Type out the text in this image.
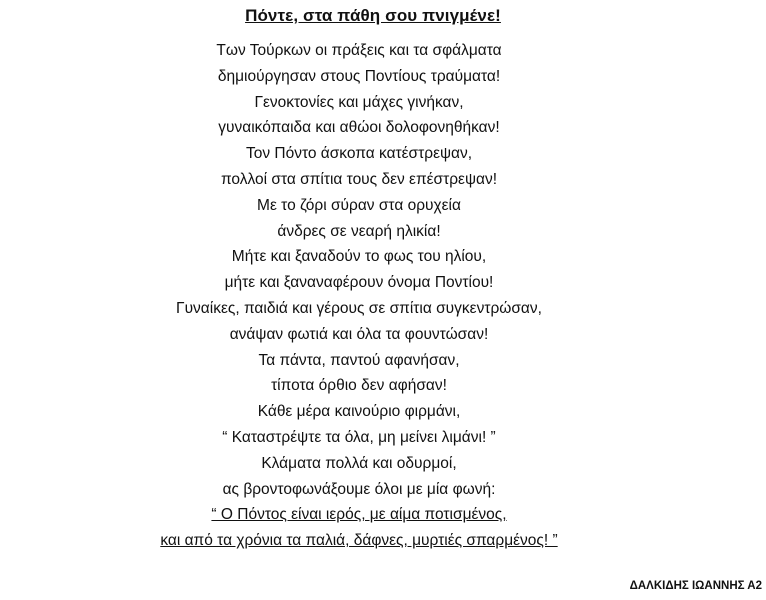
Πόντε, στα πάθη σου πνιγμένε!
Των Τούρκων οι πράξεις και τα σφάλματα
δημιούργησαν στους Ποντίους τραύματα!
Γενοκτονίες και μάχες γινήκαν,
γυναικόπαιδα και αθώοι δολοφονηθήκαν!
Τον Πόντο άσκοπα κατέστρεψαν,
πολλοί στα σπίτια τους δεν επέστρεψαν!
Με το ζόρι σύραν στα ορυχεία
άνδρες σε νεαρή ηλικία!
Μήτε και ξαναδούν το φως του ηλίου,
μήτε και ξαναναφέρουν όνομα Ποντίου!
Γυναίκες, παιδιά και γέρους σε σπίτια συγκεντρώσαν,
ανάψαν φωτιά και όλα τα φουντώσαν!
Τα πάντα, παντού αφανήσαν,
τίποτα όρθιο δεν αφήσαν!
Κάθε μέρα καινούριο φιρμάνι,
“ Καταστρέψτε τα όλα, μη μείνει λιμάνι! ”
Κλάματα πολλά και οδυρμοί,
ας βροντοφωνάξουμε όλοι με μία φωνή:
“ Ο Πόντος είναι ιερός, με αίμα ποτισμένος,
και από τα χρόνια τα παλιά, δάφνες, μυρτιές σπαρμένος! ”
ΔΑΛΚΙΔΗΣ ΙΩΑΝΝΗΣ Α2
